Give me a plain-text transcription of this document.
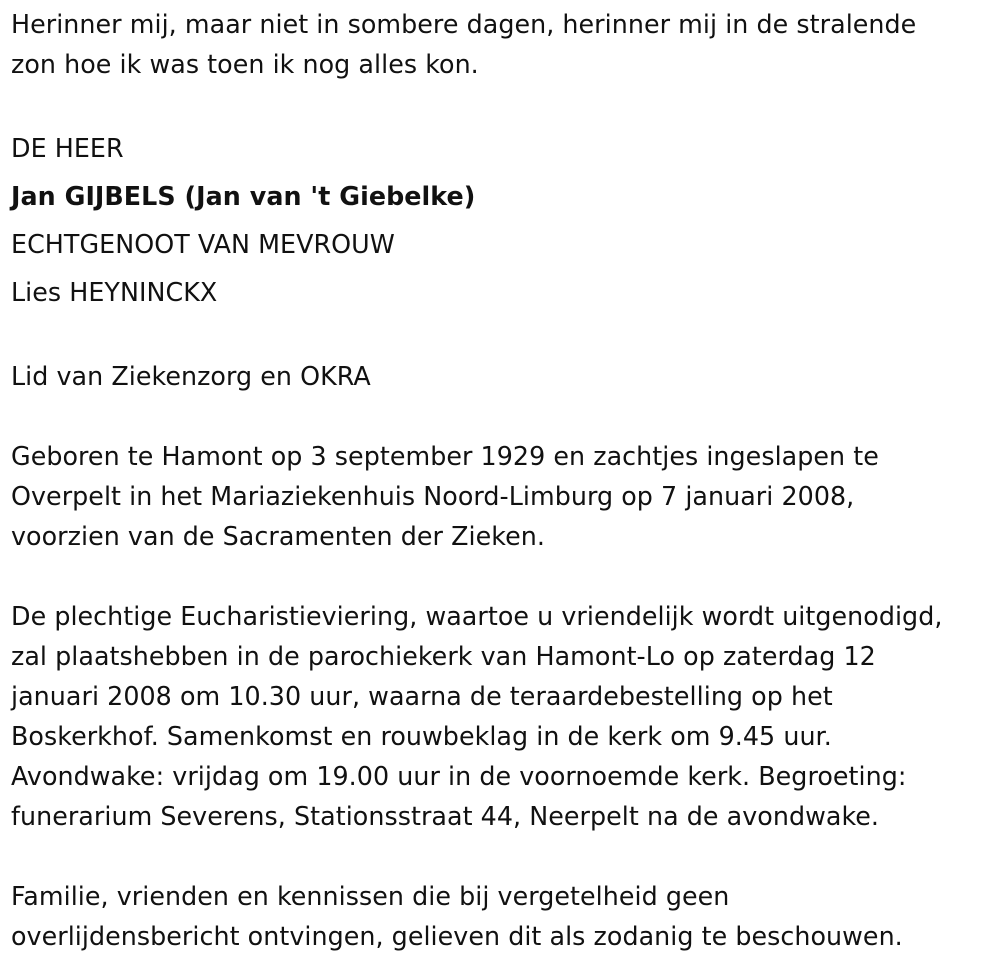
Herinner mij, maar niet in sombere dagen, herinner mij in de stralende

zon hoe ik was toen ik nog alles kon.

DE HEER

Jan GIJBELS (Jan van 't Giebelke)

ECHTGENOOT VAN MEVROUW

Lies HEYNINCKX

Lid van Ziekenzorg en OKRA

Geboren te Hamont op 3 september 1929 en zachtjes ingeslapen te

Overpelt in het Mariaziekenhuis Noord-Limburg op 7 januari 2008,

voorzien van de Sacramenten der Zieken.

De plechtige Eucharistieviering, waartoe u vriendelijk wordt uitgenodigd,

zal plaatshebben in de parochiekerk van Hamont-Lo op zaterdag 12

januari 2008 om 10.30 uur, waarna de teraardebestelling op het

Boskerkhof. Samenkomst en rouwbeklag in de kerk om 9.45 uur.

Avondwake: vrijdag om 19.00 uur in de voornoemde kerk. Begroeting:

funerarium Severens, Stationsstraat 44, Neerpelt na de avondwake.

Familie, vrienden en kennissen die bij vergetelheid geen

overlijdensbericht ontvingen, gelieven dit als zodanig te beschouwen.
